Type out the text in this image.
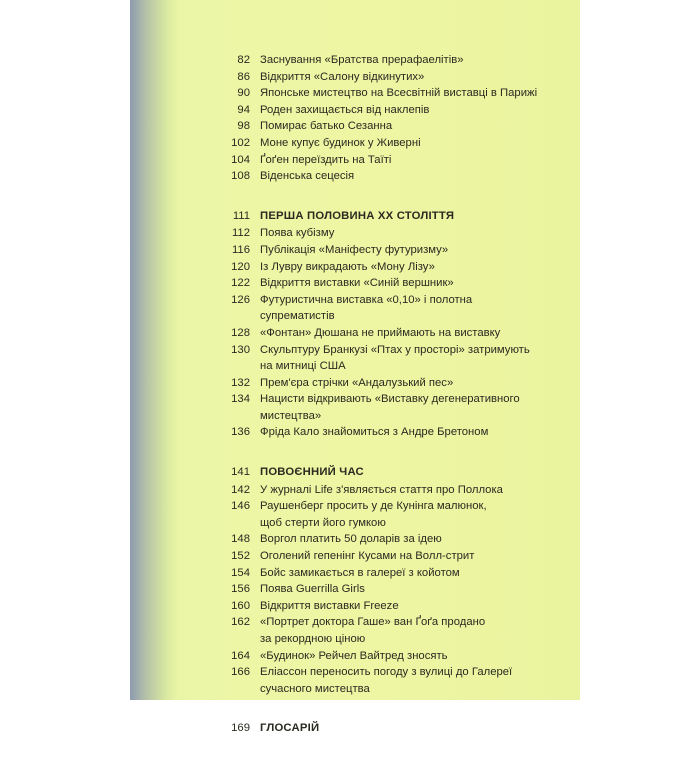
82 Заснування «Братства прерафаелітів»
86 Відкриття «Салону відкинутих»
90 Японське мистецтво на Всесвітній виставці в Парижі
94 Роден захищається від наклепів
98 Помирає батько Сезанна
102 Моне купує будинок у Живерні
104 Ґоґен переїздить на Таїті
108 Віденська сецесія
111 ПЕРША ПОЛОВИНА XX СТОЛІТТЯ
112 Поява кубізму
116 Публікація «Маніфесту футуризму»
120 Із Лувру викрадають «Мону Лізу»
122 Відкриття виставки «Синій вершник»
126 Футуристична виставка «0,10» і полотна
супрематистів
128 «Фонтан» Дюшана не приймають на виставку
130 Скульптуру Бранкузі «Птах у просторі» затримують
на митниці США
132 Прем'єра стрічки «Андалузький пес»
134 Нацисти відкривають «Виставку дегенеративного
мистецтва»
136 Фріда Кало знайомиться з Андре Бретоном
141 ПОВОЄННИЙ ЧАС
142 У журналі Life з'являється стаття про Поллока
146 Раушенберг просить у де Кунінга малюнок,
щоб стерти його гумкою
148 Воргол платить 50 доларів за ідею
152 Оголений гепенінг Кусами на Волл-стрит
154 Бойс замикається в галереї з койотом
156 Поява Guerrilla Girls
160 Відкриття виставки Freeze
162 «Портрет доктора Гаше» ван Ґоґа продано
за рекордною ціною
164 «Будинок» Рейчел Вайтред зносять
166 Еліассон переносить погоду з вулиці до Галереї
сучасного мистецтва
169 ГЛОСАРІЙ
